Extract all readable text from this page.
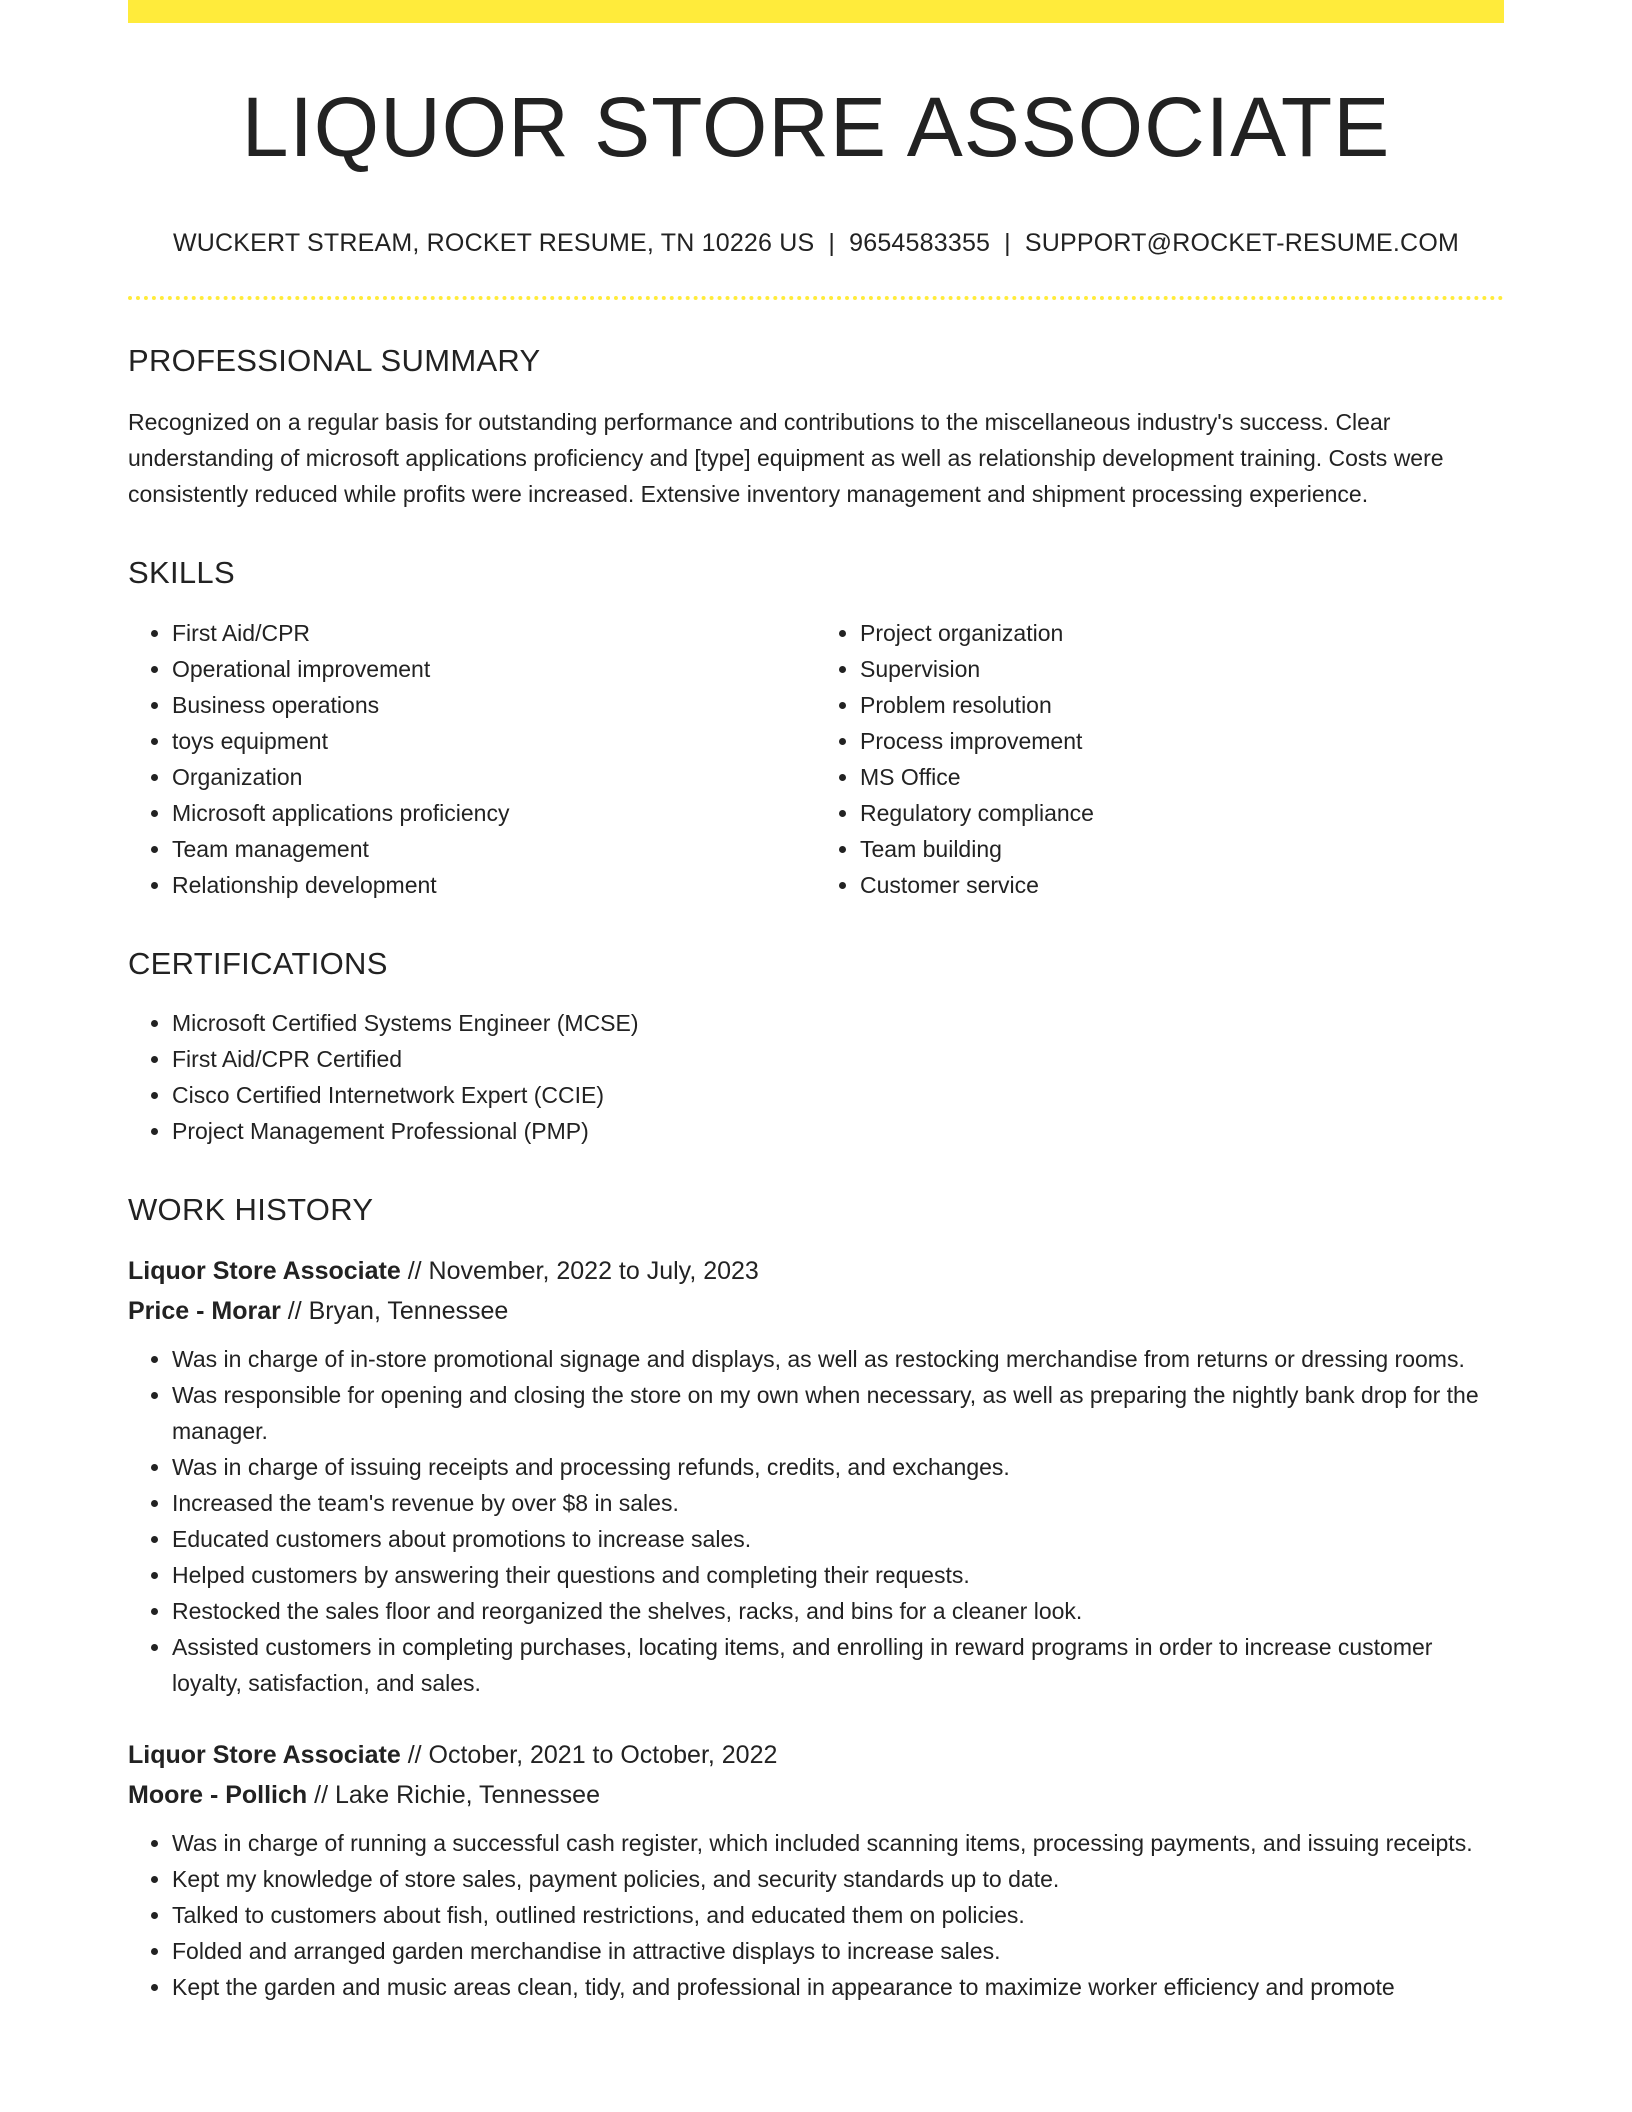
LIQUOR STORE ASSOCIATE
WUCKERT STREAM, ROCKET RESUME, TN 10226 US | 9654583355 | SUPPORT@ROCKET-RESUME.COM
PROFESSIONAL SUMMARY

Recognized on a regular basis for outstanding performance and contributions to the miscellaneous industry's success. Clear understanding of microsoft applications proficiency and [type] equipment as well as relationship development training. Costs were consistently reduced while profits were increased. Extensive inventory management and shipment processing experience.

SKILLS
• First Aid/CPR
• Operational improvement
• Business operations
• toys equipment
• Organization
• Microsoft applications proficiency
• Team management
• Relationship development
• Project organization
• Supervision
• Problem resolution
• Process improvement
• MS Office
• Regulatory compliance
• Team building
• Customer service
CERTIFICATIONS
• Microsoft Certified Systems Engineer (MCSE)
• First Aid/CPR Certified
• Cisco Certified Internetwork Expert (CCIE)
• Project Management Professional (PMP)
WORK HISTORY
Liquor Store Associate // November, 2022 to July, 2023
Price - Morar // Bryan, Tennessee
• Was in charge of in-store promotional signage and displays, as well as restocking merchandise from returns or dressing rooms.
• Was responsible for opening and closing the store on my own when necessary, as well as preparing the nightly bank drop for the manager.
• Was in charge of issuing receipts and processing refunds, credits, and exchanges.
• Increased the team's revenue by over $8 in sales.
• Educated customers about promotions to increase sales.
• Helped customers by answering their questions and completing their requests.
• Restocked the sales floor and reorganized the shelves, racks, and bins for a cleaner look.
• Assisted customers in completing purchases, locating items, and enrolling in reward programs in order to increase customer loyalty, satisfaction, and sales.
Liquor Store Associate // October, 2021 to October, 2022
Moore - Pollich // Lake Richie, Tennessee
• Was in charge of running a successful cash register, which included scanning items, processing payments, and issuing receipts.
• Kept my knowledge of store sales, payment policies, and security standards up to date.
• Talked to customers about fish, outlined restrictions, and educated them on policies.
• Folded and arranged garden merchandise in attractive displays to increase sales.
• Kept the garden and music areas clean, tidy, and professional in appearance to maximize worker efficiency and promote
